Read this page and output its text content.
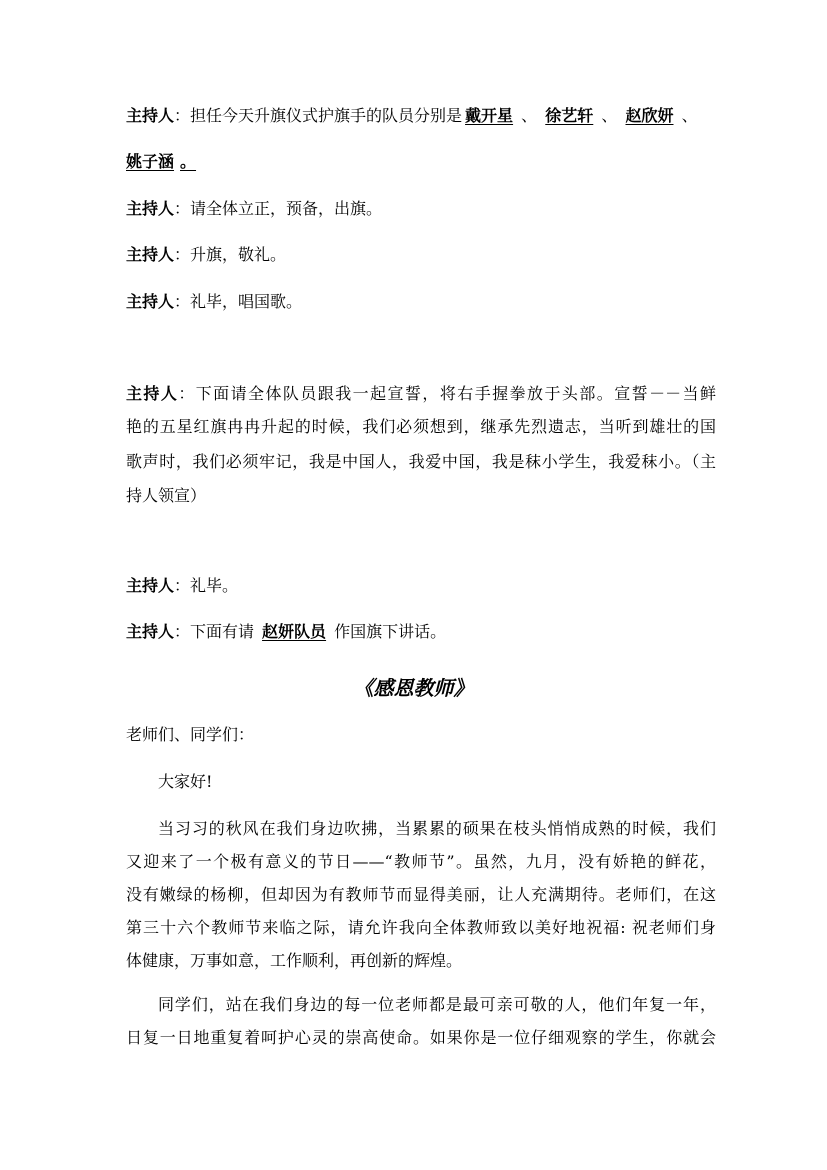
主持人：担任今天升旗仪式护旗手的队员分别是 戴开星 、 徐艺轩 、 赵欣妍 、
姚子涵 。
主持人：请全体立正，预备，出旗。
主持人：升旗，敬礼。
主持人：礼毕，唱国歌。
主持人：下面请全体队员跟我一起宣誓，将右手握拳放于头部。宣誓－－当鲜
艳的五星红旗冉冉升起的时候，我们必须想到，继承先烈遗志，当听到雄壮的国
歌声时，我们必须牢记，我是中国人，我爱中国，我是秣小学生，我爱秣小。（主
持人领宣）
主持人：礼毕。
主持人：下面有请 赵妍队员 作国旗下讲话。
《感恩教师》
老师们、同学们：
大家好!
当习习的秋风在我们身边吹拂，当累累的硕果在枝头悄悄成熟的时候，我们
又迎来了一个极有意义的节日——“教师节”。虽然，九月，没有娇艳的鲜花，
没有嫩绿的杨柳，但却因为有教师节而显得美丽，让人充满期待。老师们，在这
第三十六个教师节来临之际，请允许我向全体教师致以美好地祝福: 祝老师们身
体健康，万事如意，工作顺利，再创新的辉煌。
同学们，站在我们身边的每一位老师都是最可亲可敬的人，他们年复一年，
日复一日地重复着呵护心灵的崇高使命。如果你是一位仔细观察的学生，你就会
